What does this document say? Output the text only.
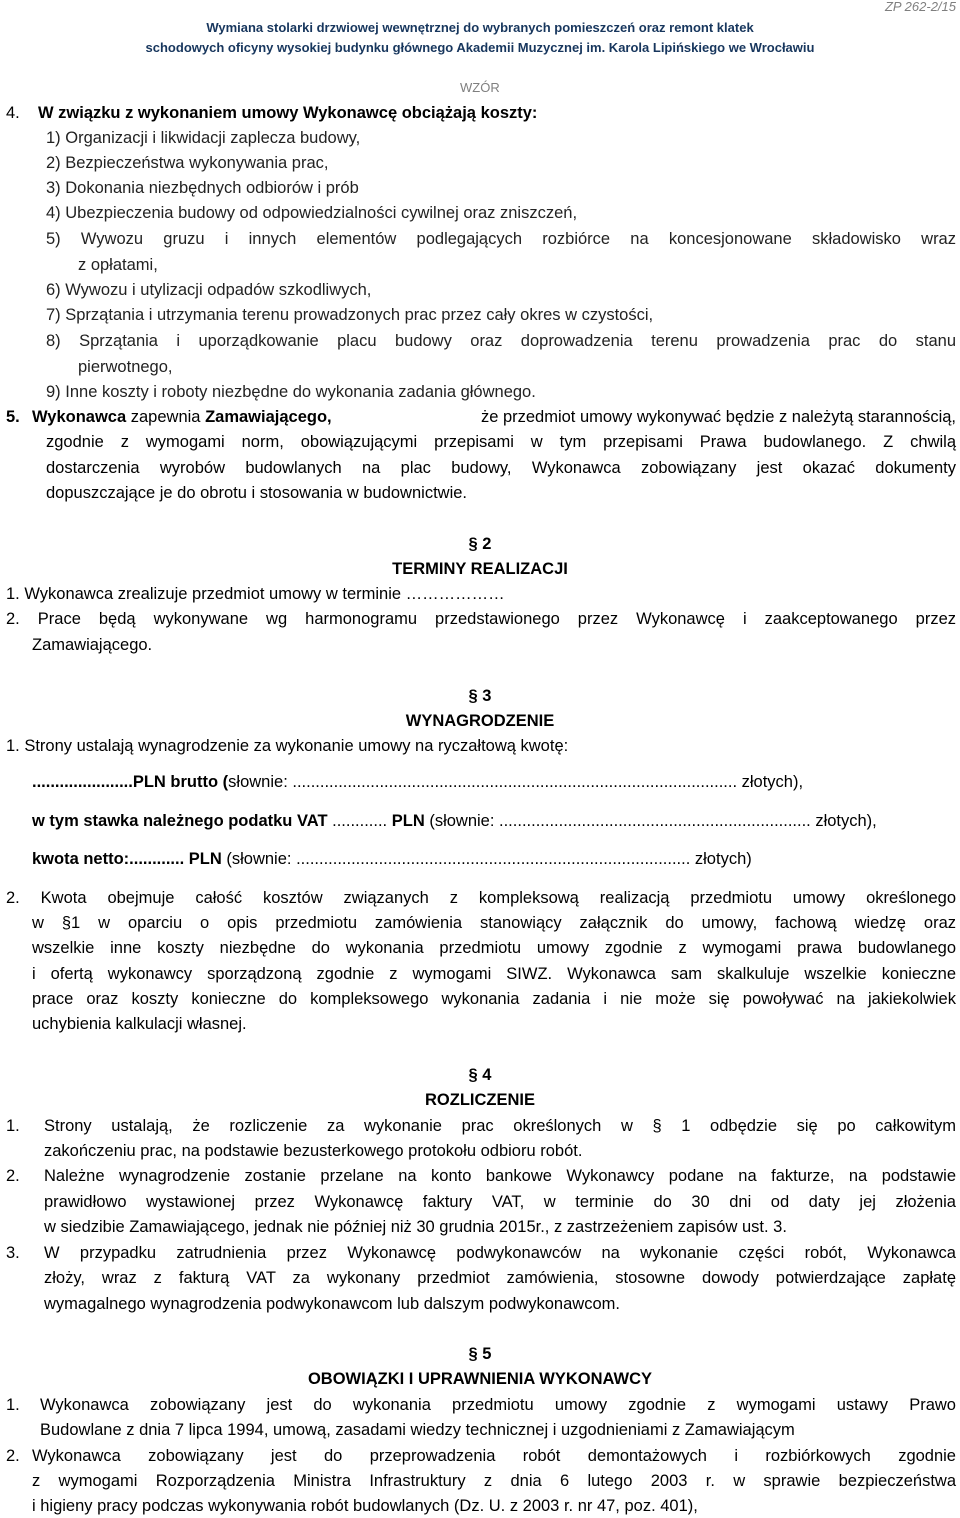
Wymiana stolarki drzwiowej wewnętrznej do wybranych pomieszczeń oraz remont klatek
schodowych oficyny wysokiej budynku głównego Akademii Muzycznej im. Karola Lipińskiego we Wrocławiu
ZP 262-2/15
WZÓR
4. W związku z wykonaniem umowy Wykonawcę obciążają koszty:
1) Organizacji i likwidacji zaplecza budowy,
2) Bezpieczeństwa wykonywania prac,
3) Dokonania niezbędnych odbiorów i prób
4) Ubezpieczenia budowy od odpowiedzialności cywilnej oraz zniszczeń,
5) Wywozu gruzu i innych elementów podlegających rozbiórce na koncesjonowane składowisko wraz
z opłatami,
6) Wywozu i utylizacji odpadów szkodliwych,
7) Sprzątania i utrzymania terenu prowadzonych prac przez cały okres w czystości,
8) Sprzątania i uporządkowanie placu budowy oraz doprowadzenia terenu prowadzenia prac do stanu
pierwotnego,
9) Inne koszty i roboty niezbędne do wykonania zadania głównego.
5. Wykonawca zapewnia Zamawiającego,	że przedmiot umowy wykonywać będzie z należytą starannością,
zgodnie z wymogami norm, obowiązującymi przepisami w tym przepisami Prawa budowlanego. Z chwilą
dostarczenia wyrobów budowlanych na plac budowy, Wykonawca zobowiązany jest okazać dokumenty
dopuszczające je do obrotu i stosowania w budownictwie.
§ 2
TERMINY REALIZACJI
1. Wykonawca zrealizuje przedmiot umowy w terminie ………………
2. Prace będą wykonywane wg harmonogramu przedstawionego przez Wykonawcę i zaakceptowanego przez
Zamawiającego.
§ 3
WYNAGRODZENIE
1. Strony ustalają wynagrodzenie za wykonanie umowy na ryczałtową kwotę:
......................PLN brutto (słownie: ................................................................................................. złotych),
w tym stawka należnego podatku VAT ............ PLN (słownie: .................................................................... złotych),
kwota netto:............ PLN (słownie: ...................................................................................... złotych)
2. Kwota obejmuje całość kosztów związanych z kompleksową realizacją przedmiotu umowy określonego
w §1 w oparciu o opis przedmiotu zamówienia stanowiący załącznik do umowy, fachową wiedzę oraz
wszelkie inne koszty niezbędne do wykonania przedmiotu umowy zgodnie z wymogami prawa budowlanego
i ofertą wykonawcy sporządzoną zgodnie z wymogami SIWZ. Wykonawca sam skalkuluje wszelkie konieczne
prace oraz koszty konieczne do kompleksowego wykonania zadania i nie może się powoływać na jakiekolwiek
uchybienia kalkulacji własnej.
§ 4
ROZLICZENIE
1. Strony ustalają, że rozliczenie za wykonanie prac określonych w § 1 odbędzie się po całkowitym
zakończeniu prac, na podstawie bezusterkowego protokołu odbioru robót.
2. Należne wynagrodzenie zostanie przelane na konto bankowe Wykonawcy podane na fakturze, na podstawie
prawidłowo wystawionej przez Wykonawcę faktury VAT, w terminie do 30 dni od daty jej złożenia
w siedzibie Zamawiającego, jednak nie później niż 30 grudnia 2015r., z zastrzeżeniem zapisów ust. 3.
3. W przypadku zatrudnienia przez Wykonawcę podwykonawców na wykonanie części robót, Wykonawca
złoży, wraz z fakturą VAT za wykonany przedmiot zamówienia, stosowne dowody potwierdzające zapłatę
wymagalnego wynagrodzenia podwykonawcom lub dalszym podwykonawcom.
§ 5
OBOWIĄZKI I UPRAWNIENIA WYKONAWCY
1. Wykonawca zobowiązany jest do wykonania przedmiotu umowy zgodnie z wymogami ustawy Prawo
Budowlane z dnia 7 lipca 1994, umową, zasadami wiedzy technicznej i uzgodnieniami z Zamawiającym
2. Wykonawca zobowiązany jest do przeprowadzenia robót demontażowych i rozbiórkowych zgodnie
z wymogami Rozporządzenia Ministra Infrastruktury z dnia 6 lutego 2003 r. w sprawie bezpieczeństwa
i higieny pracy podczas wykonywania robót budowlanych (Dz. U. z 2003 r. nr 47, poz. 401),
